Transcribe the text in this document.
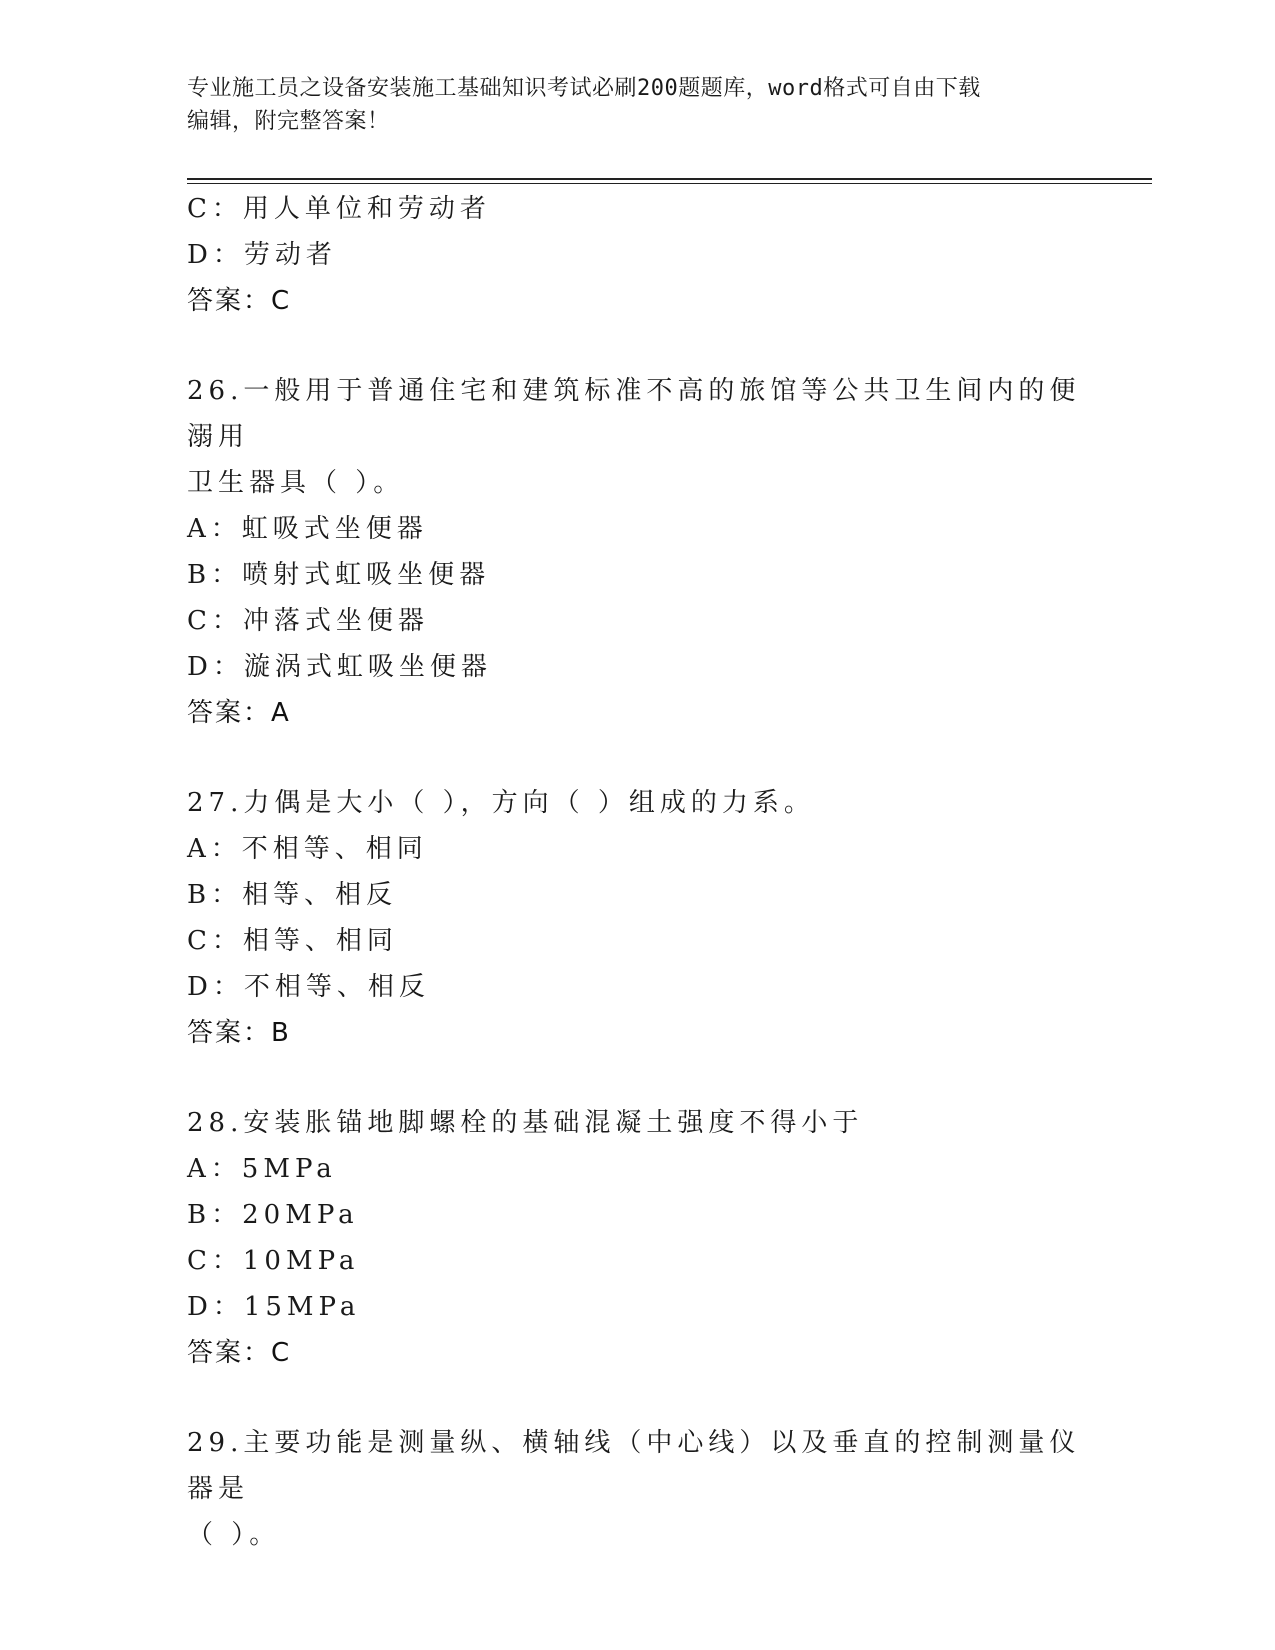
专业施工员之设备安装施工基础知识考试必刷200题题库，word格式可自由下载
编辑，附完整答案！
C：用人单位和劳动者
D：劳动者
答案：C
26.一般用于普通住宅和建筑标准不高的旅馆等公共卫生间内的便溺用
卫生器具（ ）。
A：虹吸式坐便器
B：喷射式虹吸坐便器
C：冲落式坐便器
D：漩涡式虹吸坐便器
答案：A
27.力偶是大小（ ），方向（ ）组成的力系。
A：不相等、相同
B：相等、相反
C：相等、相同
D：不相等、相反
答案：B
28.安装胀锚地脚螺栓的基础混凝土强度不得小于
A：5MPa
B：20MPa
C：10MPa
D：15MPa
答案：C
29.主要功能是测量纵、横轴线（中心线）以及垂直的控制测量仪器是
（ ）。
